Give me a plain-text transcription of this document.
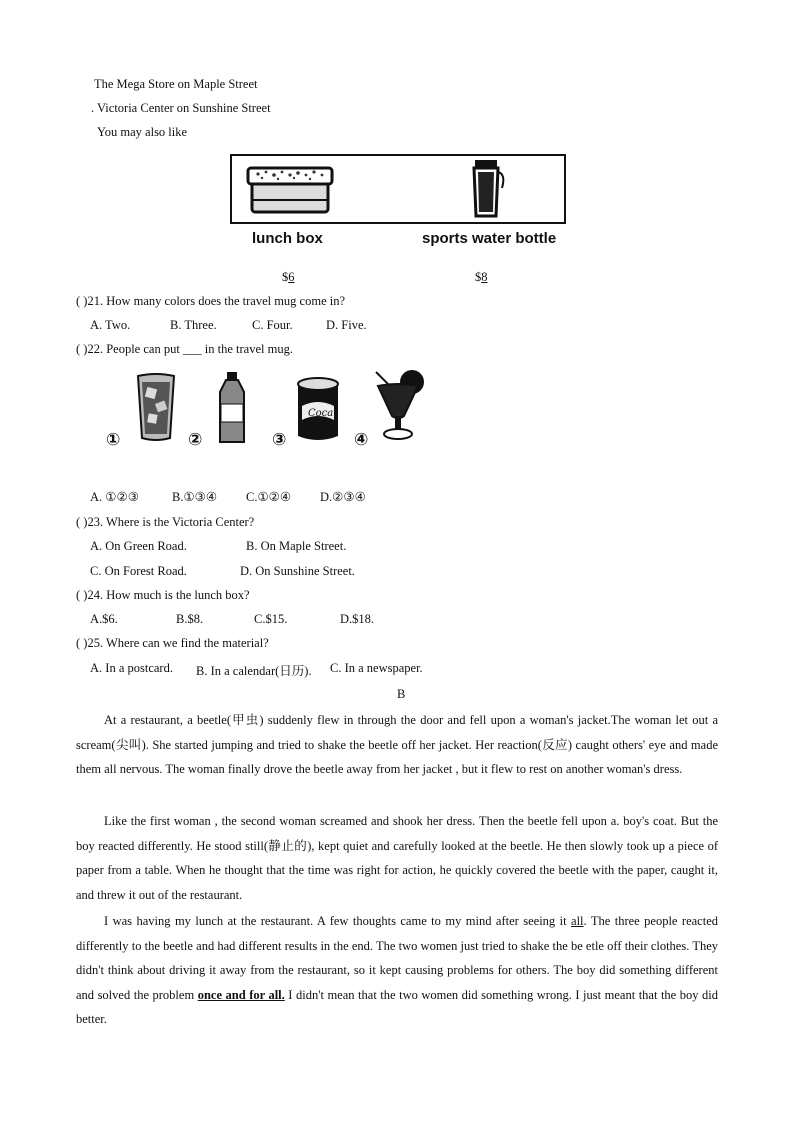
The Mega Store on Maple Street
. Victoria Center on Sunshine Street
You may also like
lunch box	sports water bottle
$6	$8
( )21. How many colors does the travel mug come in?
A. Two.	B. Three.	C. Four.	D. Five.
( )22. People can put ___ in the travel mug.
Coca
①	②	③	④
A. ①②③	B.①③④ C.①②④ D.②③④
( )23. Where is the Victoria Center?
A. On Green Road.	B. On Maple Street.
C. On Forest Road.	D. On Sunshine Street.
( )24. How much is the lunch box?
A.$6.	B.$8.	C.$15.	D.$18.
( )25. Where can we find the material?
A. In a postcard. B. In a calendar(日历). C. In a newspaper.
B
At a restaurant, a beetle(甲虫) suddenly flew in through the door and fell upon a woman's jacket.The woman let out a scream(尖叫). She started jumping and tried to shake the beetle off her jacket. Her reaction(反应) caught others' eye and made them all nervous. The woman finally drove the beetle away from her jacket , but it flew to rest on another woman's dress.
Like the first woman , the second woman screamed and shook her dress. Then the beetle fell upon a. boy's coat. But the boy reacted differently. He stood still(静止的), kept quiet and carefully looked at the beetle. He then slowly took up a piece of paper from a table. When he thought that the time was right for action, he quickly covered the beetle with the paper, caught it, and threw it out of the restaurant.
I was having my lunch at the restaurant. A few thoughts came to my mind after seeing it all. The three people reacted differently to the beetle and had different results in the end. The two women just tried to shake the be etle off their clothes. They didn't think about driving it away from the restaurant, so it kept causing problems for others. The boy did something different and solved the problem once and for all. I didn't mean that the two women did something wrong. I just meant that the boy did better.
